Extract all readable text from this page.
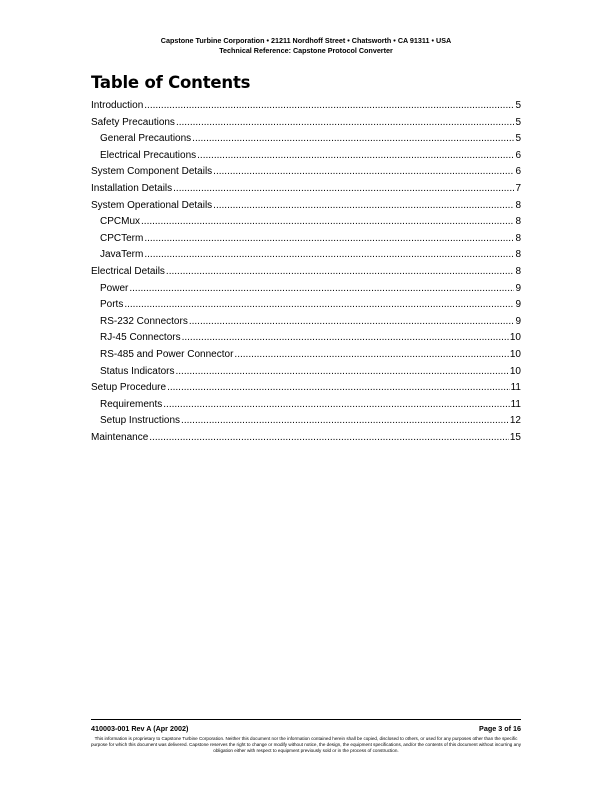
Capstone Turbine Corporation • 21211 Nordhoff Street • Chatsworth • CA 91311 • USA
Technical Reference: Capstone Protocol Converter
Table of Contents
Introduction .....	5
Safety Precautions .....	5
General Precautions .....	5
Electrical Precautions .....	6
System Component Details .....	6
Installation Details .....	7
System Operational Details .....	8
CPCMux .....	8
CPCTerm .....	8
JavaTerm .....	8
Electrical Details .....	8
Power .....	9
Ports .....	9
RS-232 Connectors .....	9
RJ-45 Connectors .....	10
RS-485 and Power Connector .....	10
Status Indicators .....	10
Setup Procedure .....	11
Requirements .....	11
Setup Instructions .....	12
Maintenance .....	15
410003-001 Rev A (Apr 2002)	Page 3 of 16
This information is proprietary to Capstone Turbine Corporation. Neither this document nor the information contained herein shall be copied, disclosed to others, or used for any purposes other than the specific purpose for which this document was delivered. Capstone reserves the right to change or modify without notice, the design, the equipment specifications, and/or the contents of this document without incurring any obligation either with respect to equipment previously sold or in the process of construction.
